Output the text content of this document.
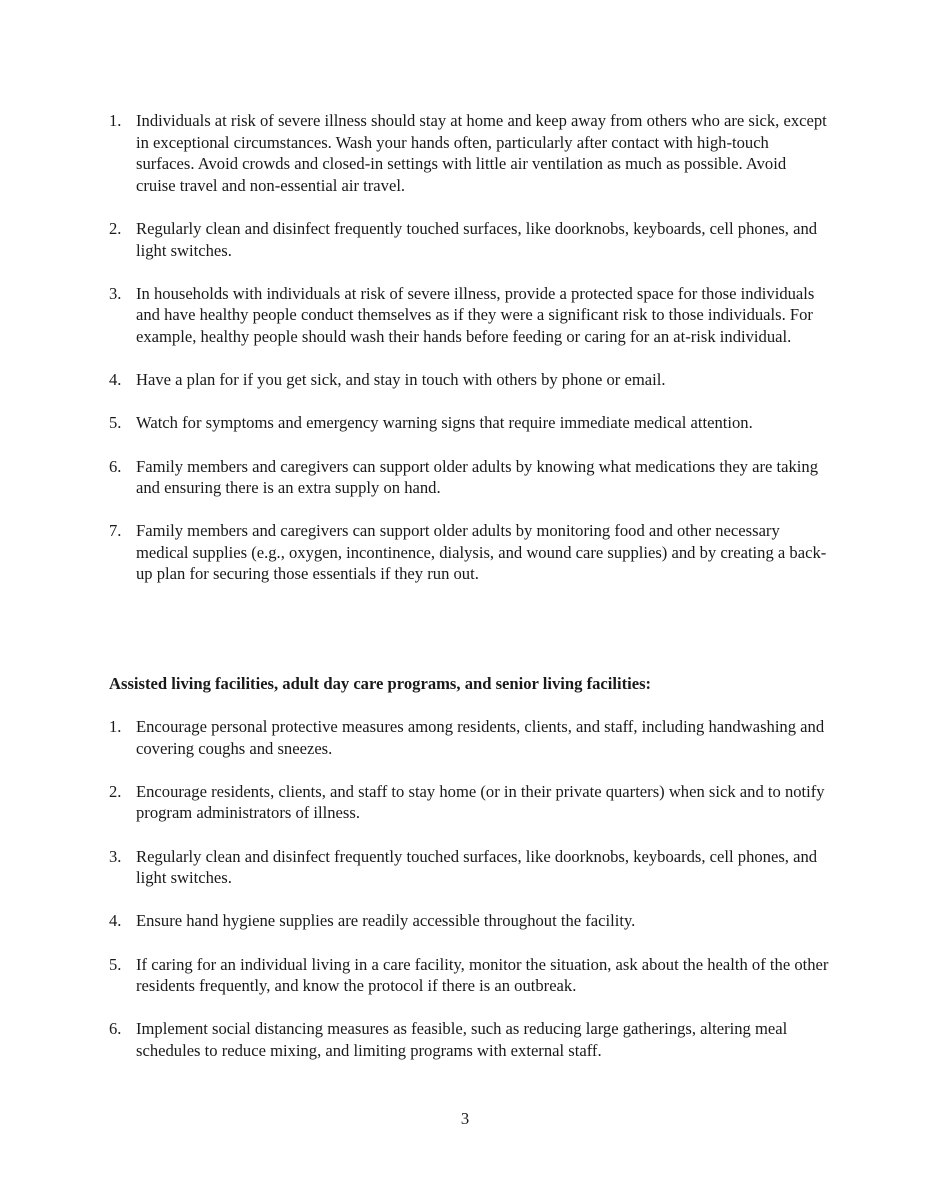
1. Individuals at risk of severe illness should stay at home and keep away from others who are sick, except in exceptional circumstances. Wash your hands often, particularly after contact with high-touch surfaces. Avoid crowds and closed-in settings with little air ventilation as much as possible. Avoid cruise travel and non-essential air travel.
2. Regularly clean and disinfect frequently touched surfaces, like doorknobs, keyboards, cell phones, and light switches.
3. In households with individuals at risk of severe illness, provide a protected space for those individuals and have healthy people conduct themselves as if they were a significant risk to those individuals. For example, healthy people should wash their hands before feeding or caring for an at-risk individual.
4. Have a plan for if you get sick, and stay in touch with others by phone or email.
5. Watch for symptoms and emergency warning signs that require immediate medical attention.
6. Family members and caregivers can support older adults by knowing what medications they are taking and ensuring there is an extra supply on hand.
7. Family members and caregivers can support older adults by monitoring food and other necessary medical supplies (e.g., oxygen, incontinence, dialysis, and wound care supplies) and by creating a back-up plan for securing those essentials if they run out.
Assisted living facilities, adult day care programs, and senior living facilities:
1. Encourage personal protective measures among residents, clients, and staff, including handwashing and covering coughs and sneezes.
2. Encourage residents, clients, and staff to stay home (or in their private quarters) when sick and to notify program administrators of illness.
3. Regularly clean and disinfect frequently touched surfaces, like doorknobs, keyboards, cell phones, and light switches.
4. Ensure hand hygiene supplies are readily accessible throughout the facility.
5. If caring for an individual living in a care facility, monitor the situation, ask about the health of the other residents frequently, and know the protocol if there is an outbreak.
6. Implement social distancing measures as feasible, such as reducing large gatherings, altering meal schedules to reduce mixing, and limiting programs with external staff.
3
